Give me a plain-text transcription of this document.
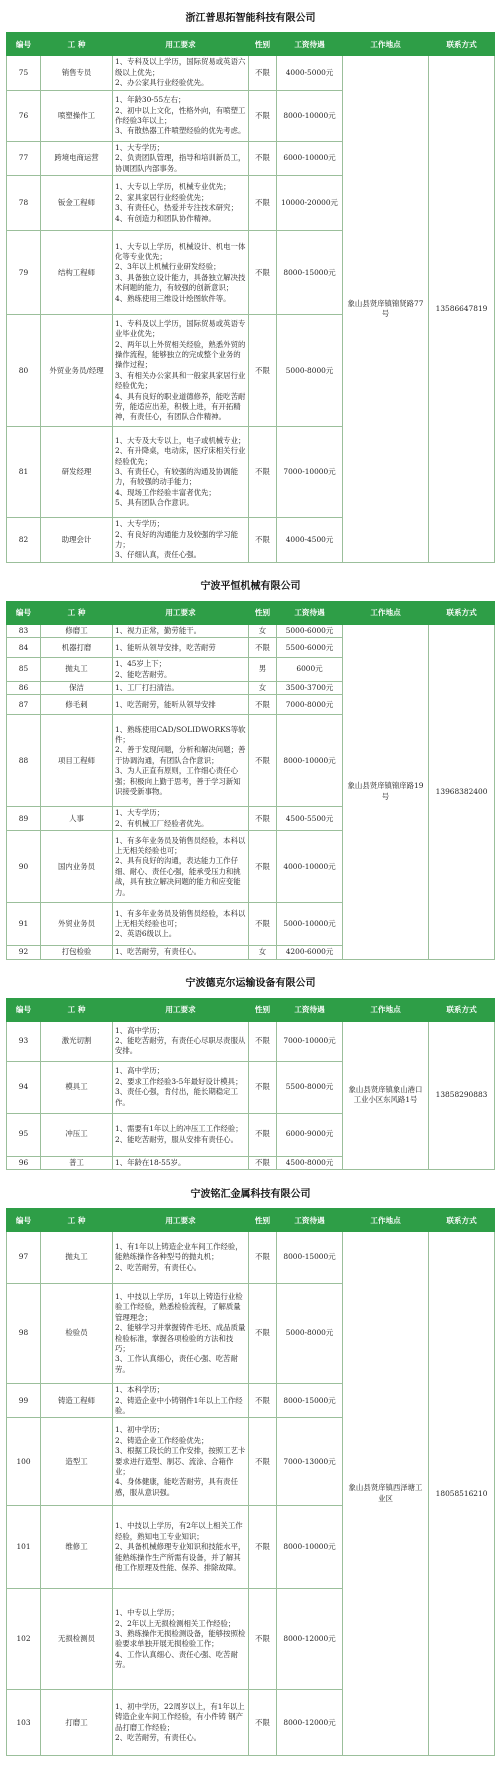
浙江普思拓智能科技有限公司						
编号	工 种	用工要求	性别	工资待遇	工作地点	联系方式
75	销售专员	1、专科及以上学历，国际贸易或英语六级以上优先；
2、办公家具行业经验优先。	不限	4000-5000元	象山县贤庠镇锦贤路77号	13586647819
76	喷塑操作工	1、年龄30-55左右；
2、初中以上文化，性格外向，有喷塑工作经验3年以上；
3、有散热器工件喷塑经验的优先考虑。	不限	8000-10000元		
77	跨境电商运营	1、大专学历；
2、负责团队管理，指导和培训新员工，协调团队内部事务。	不限	6000-10000元		
78	钣金工程师	1、大专以上学历，机械专业优先；
2、家具家居行业经验优先；
3、有责任心，热爱并专注技术研究；
4、有创造力和团队协作精神。	不限	10000-20000元		
79	结构工程师	1、大专以上学历，机械设计、机电一体化等专业优先；
2、3年以上机械行业研发经验；
3、具备独立设计能力，具备独立解决技术问题的能力，有较强的创新意识；
4、熟练使用三维设计绘图软件等。	不限	8000-15000元		
80	外贸业务员/经理	1、专科及以上学历，国际贸易或英语专业毕业优先；
2、两年以上外贸相关经验，熟悉外贸的操作流程，能够独立的完成整个业务的操作过程；
3、有相关办公家具和一般家具家居行业经验优先；
4、具有良好的职业道德修养，能吃苦耐劳，能适应出差，积极上进，有开拓精神，有责任心，有团队合作精神。	不限	5000-8000元		
81	研发经理	1、大专及大专以上，电子或机械专业；
2、有升降桌，电动床，医疗床相关行业经验优先；
3、有责任心，有较强的沟通及协调能力，有较强的动手能力；
4、现场工作经验丰富者优先；
5、具有团队合作意识。	不限	7000-10000元		
82	助理会计	1、大专学历；
2、有良好的沟通能力及较强的学习能力；
3、仔细认真，责任心强。	不限	4000-4500元		
宁波平恒机械有限公司						
编号	工 种	用工要求	性别	工资待遇	工作地点	联系方式
83	修磨工	1、视力正常，勤劳能干。	女	5000-6000元	象山县贤庠镇锦庠路19号	13968382400
84	机器打磨	1、能听从领导安排，吃苦耐劳	不限	5500-6000元		
85	抛丸工	1、45岁上下；
2、能吃苦耐劳。	男	6000元		
86	保洁	1、工厂打扫清洁。	女	3500-3700元		
87	修毛刺	1、吃苦耐劳，能听从领导安排	不限	7000-8000元		
88	项目工程师	1、熟练使用CAD/SOLIDWORKS等软件；
2、善于发现问题，分析和解决问题；善于协调沟通，有团队合作意识；
3、为人正直有原则，工作细心责任心强；积极向上勤于思考，善于学习新知识接受新事物。	不限	8000-10000元		
89	人事	1、大专学历；
2、有机械工厂经验者优先。	不限	4500-5500元		
90	国内业务员	1、有多年业务员及销售员经验，本科以上无相关经验也可；
2、具有良好的沟通，表达能力工作仔细、耐心、责任心强，能承受压力和挑战，具有独立解决问题的能力和应变能力。	不限	4000-10000元		
91	外贸业务员	1、有多年业务员及销售员经验，本科以上无相关经验也可；
2、英语6级以上。	不限	5000-10000元		
92	打包检验	1、吃苦耐劳，有责任心。	女	4200-6000元		
宁波德克尔运输设备有限公司						
编号	工 种	用工要求	性别	工资待遇	工作地点	联系方式
93	激光切割	1、高中学历；
2、能吃苦耐劳，有责任心尽职尽责服从安排。	不限	7000-10000元	象山县贤庠镇象山港口工业小区东风路1号	13858290883
94	模具工	1、高中学历；
2、要求工作经验3-5年最好设计模具；
3、责任心强，肯付出，能长期稳定工作。	不限	5500-8000元		
95	冲压工	1、需要有1年以上的冲压工工作经验；
2、能吃苦耐劳，服从安排有责任心。	不限	6000-9000元		
96	普工	1、年龄在18-55岁。	不限	4500-8000元		
宁波铭汇金属科技有限公司						
编号	工 种	用工要求	性别	工资待遇	工作地点	联系方式
97	抛丸工	1、有1年以上铸造企业车间工作经验，能熟练操作各种型号的抛丸机；
2、吃苦耐劳，有责任心。	不限	8000-15000元	象山县贤庠镇西泽塘工业区	18058516210
98	检验员	1、中技以上学历，1年以上铸造行业检验工作经验，熟悉检验流程，了解质量管理理念；
2、能够学习并掌握铸件毛坯、成品质量检验标准，掌握各项检验的方法和技巧；
3、工作认真细心，责任心强、吃苦耐劳。	不限	5000-8000元		
99	铸造工程师	1、本科学历；
2、铸造企业中小铸钢件1年以上工作经验。	不限	8000-15000元		
100	造型工	1、初中学历；
2、铸造企业工作经验优先；
3、根据工段长的工作安排，按照工艺卡要求进行造型、制芯、流涂、合箱作业；
4、身体健康，能吃苦耐劳，具有责任感，服从意识强。	不限	7000-13000元		
101	维修工	1、中技以上学历，有2年以上相关工作经验，熟知电工专业知识；
2、具备机械修理专业知识和技能水平，能熟练操作生产所需有设备，并了解其他工作原理及性能、保养、排除故障。	不限	8000-10000元		
102	无损检测员	1、中专以上学历；
2、2年以上无损检测相关工作经验；
3、熟练操作无损检测设备，能够按照检验要求单独开展无损检验工作；
4、工作认真细心、责任心强、吃苦耐劳。	不限	8000-12000元		
103	打磨工	1、初中学历，22周岁以上，有1年以上铸造企业车间工作经验，有小件铸 钢产品打磨工作经验；
2、吃苦耐劳，有责任心。	不限	8000-12000元		
